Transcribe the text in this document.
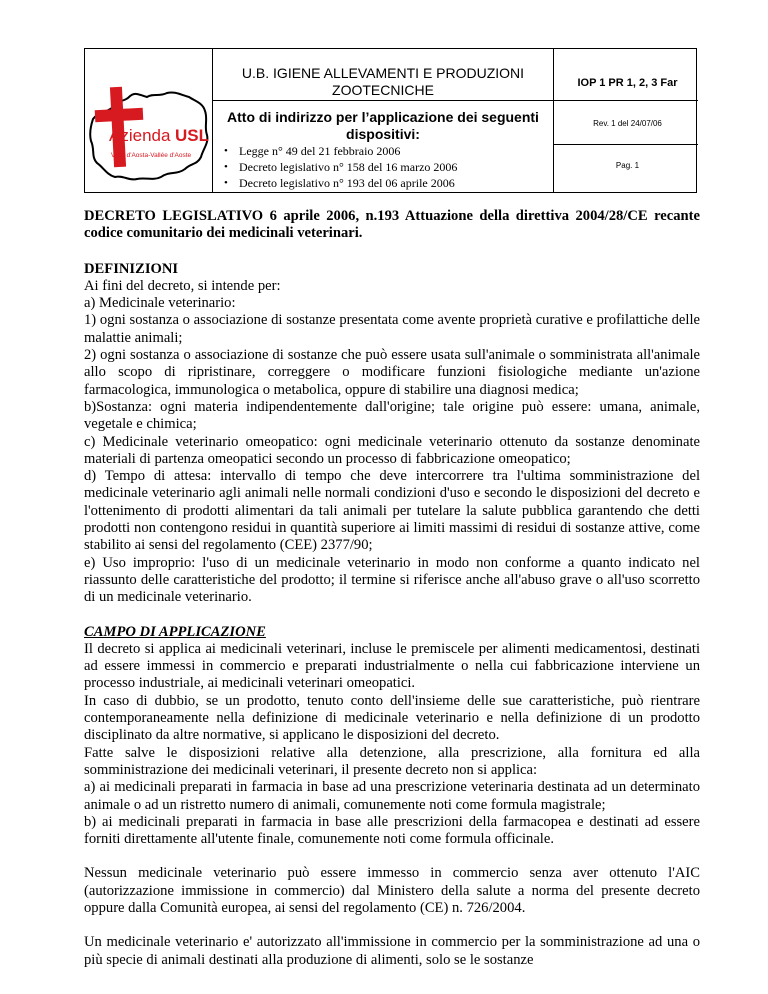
Azienda USL
Valle d'Aosta-Vallée d'Aoste
U.B. IGIENE ALLEVAMENTI E PRODUZIONI ZOOTECNICHE
Atto di indirizzo per l’applicazione dei seguenti dispositivi:
• Legge n° 49 del 21 febbraio 2006
• Decreto legislativo n° 158 del 16 marzo 2006
• Decreto legislativo n° 193 del 06 aprile 2006
IOP 1 PR 1, 2, 3 Far
Rev. 1 del 24/07/06
Pag. 1

DECRETO LEGISLATIVO 6 aprile 2006, n.193 Attuazione della direttiva 2004/28/CE recante codice comunitario dei medicinali veterinari.

DEFINIZIONI

Ai fini del decreto, si intende per:

a) Medicinale veterinario:

1) ogni sostanza o associazione di sostanze presentata come avente proprietà curative e profilattiche delle malattie animali;

2) ogni sostanza o associazione di sostanze che può essere usata sull'animale o somministrata all'animale allo scopo di ripristinare, correggere o modificare funzioni fisiologiche mediante un'azione farmacologica, immunologica o metabolica, oppure di stabilire una diagnosi medica;

b)Sostanza: ogni materia indipendentemente dall'origine; tale origine può essere: umana, animale, vegetale e chimica;

c) Medicinale veterinario omeopatico: ogni medicinale veterinario ottenuto da sostanze denominate materiali di partenza omeopatici secondo un processo di fabbricazione omeopatico;

d) Tempo di attesa: intervallo di tempo che deve intercorrere tra l'ultima somministrazione del medicinale veterinario agli animali nelle normali condizioni d'uso e secondo le disposizioni del decreto e l'ottenimento di prodotti alimentari da tali animali per tutelare la salute pubblica garantendo che detti prodotti non contengono residui in quantità superiore ai limiti massimi di residui di sostanze attive, come stabilito ai sensi del regolamento (CEE) 2377/90;

e) Uso improprio: l'uso di un medicinale veterinario in modo non conforme a quanto indicato nel riassunto delle caratteristiche del prodotto; il termine si riferisce anche all'abuso grave o all'uso scorretto di un medicinale veterinario.

CAMPO DI APPLICAZIONE

Il decreto si applica ai medicinali veterinari, incluse le premiscele per alimenti medicamentosi, destinati ad essere immessi in commercio e preparati industrialmente o nella cui fabbricazione interviene un processo industriale, ai medicinali veterinari omeopatici.

In caso di dubbio, se un prodotto, tenuto conto dell'insieme delle sue caratteristiche, può rientrare contemporaneamente nella definizione di medicinale veterinario e nella definizione di un prodotto disciplinato da altre normative, si applicano le disposizioni del decreto.

Fatte salve le disposizioni relative alla detenzione, alla prescrizione, alla fornitura ed alla somministrazione dei medicinali veterinari, il presente decreto non si applica:

a) ai medicinali preparati in farmacia in base ad una prescrizione veterinaria destinata ad un determinato animale o ad un ristretto numero di animali, comunemente noti come formula magistrale;

b) ai medicinali preparati in farmacia in base alle prescrizioni della farmacopea e destinati ad essere forniti direttamente all'utente finale, comunemente noti come formula officinale.

Nessun medicinale veterinario può essere immesso in commercio senza aver ottenuto l'AIC (autorizzazione immissione in commercio) dal Ministero della salute a norma del presente decreto oppure dalla Comunità europea, ai sensi del regolamento (CE) n. 726/2004.

Un medicinale veterinario e' autorizzato all'immissione in commercio per la somministrazione ad una o più specie di animali destinati alla produzione di alimenti, solo se le sostanze
